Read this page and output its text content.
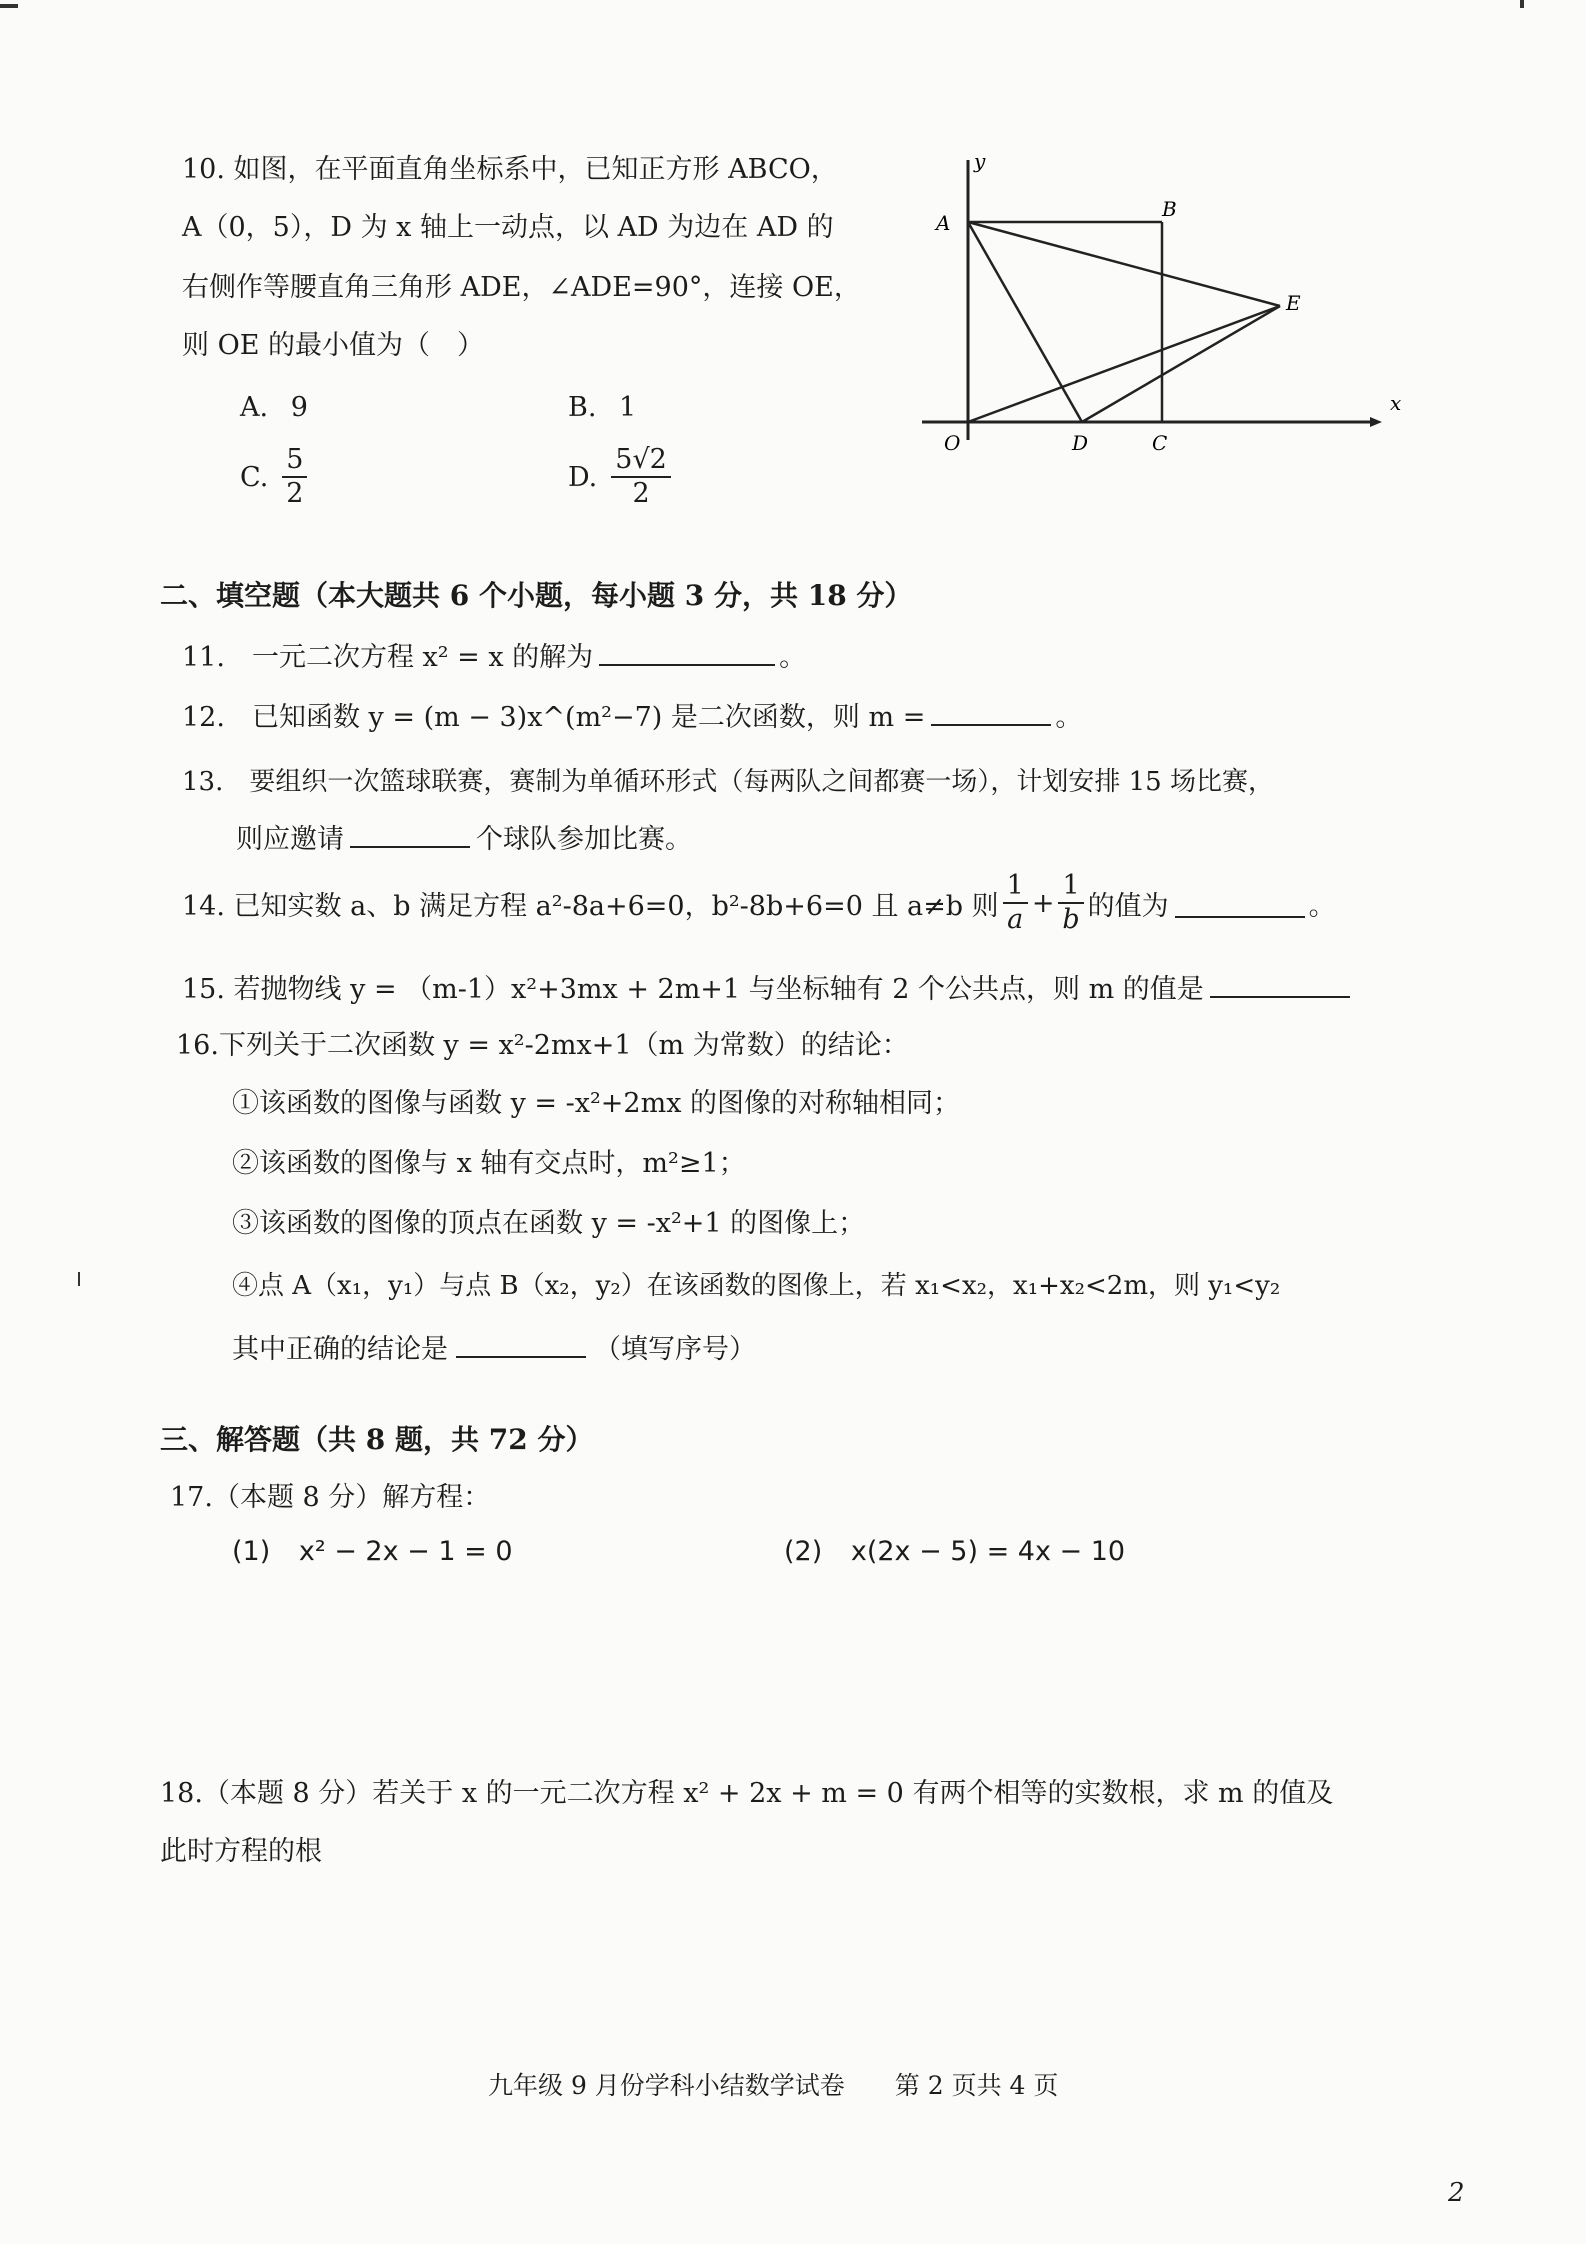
10. 如图，在平面直角坐标系中，已知正方形 ABCO，
A（0，5），D 为 x 轴上一动点，以 AD 为边在 AD 的
右侧作等腰直角三角形 ADE，∠ADE=90°，连接 OE，
则 OE 的最小值为（　）
A. 9	B. 1
C. $\frac{5}{2}$	D. $\frac{5√2}{2}$
y
A
B
E
x
O	D	C
二、填空题（本大题共 6 个小题，每小题 3 分，共 18 分）
11.　一元二次方程 x² = x 的解为	。
12.　已知函数 y = (m − 3)x^(m²−7) 是二次函数，则 m =	。
13.　要组织一次篮球联赛，赛制为单循环形式（每两队之间都赛一场），计划安排 15 场比赛，
则应邀请	个球队参加比赛。
14. 已知实数 a、b 满足方程 a²-8a+6=0，b²-8b+6=0 且 a≠b 则 $\frac{1}{a} + \frac{1}{b}$ 的值为	。
15. 若抛物线 y = （m-1）x²+3mx + 2m+1 与坐标轴有 2 个公共点，则 m 的值是
16.下列关于二次函数 y = x²-2mx+1（m 为常数）的结论：
①该函数的图像与函数 y = -x²+2mx 的图像的对称轴相同；
②该函数的图像与 x 轴有交点时，m²≥1；
③该函数的图像的顶点在函数 y = -x²+1 的图像上；
④点 A（x₁，y₁）与点 B（x₂，y₂）在该函数的图像上，若 x₁<x₂，x₁+x₂<2m，则 y₁<y₂
其中正确的结论是	（填写序号）
三、解答题（共 8 题，共 72 分）
17.（本题 8 分）解方程：
(1) x² − 2x − 1 = 0	(2) x(2x − 5) = 4x − 10
18.（本题 8 分）若关于 x 的一元二次方程 x² + 2x + m = 0 有两个相等的实数根，求 m 的值及
此时方程的根
九年级 9 月份学科小结数学试卷　　第 2 页共 4 页
2
